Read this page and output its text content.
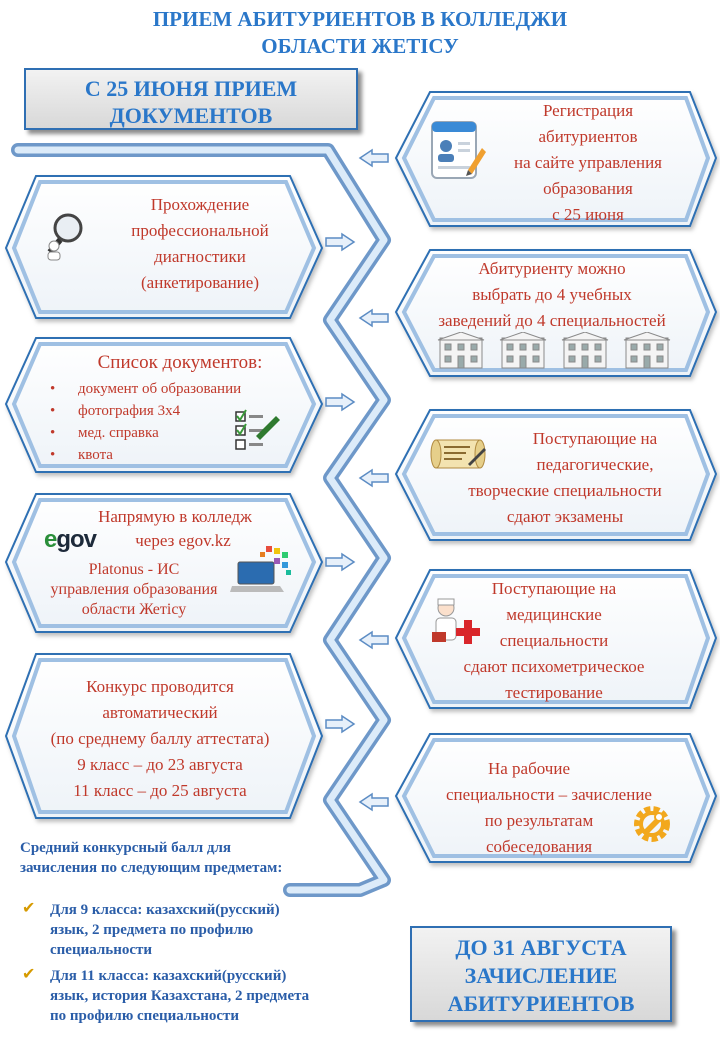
ПРИЕМ АБИТУРИЕНТОВ В КОЛЛЕДЖИ
ОБЛАСТИ ЖЕТІСУ
С 25 ИЮНЯ ПРИЕМ
ДОКУМЕНТОВ
ДО 31 АВГУСТА
ЗАЧИСЛЕНИЕ
АБИТУРИЕНТОВ
Регистрация
абитуриентов
на сайте управления
образования
с 25 июня
Абитуриенту можно
выбрать до 4 учебных
заведений до 4 специальностей
Поступающие на
педагогические,
творческие специальности
сдают экзамены
Поступающие на
медицинские
специальности
сдают психометрическое
тестирование
На рабочие
специальности – зачисление
по результатам
собеседования
Прохождение
профессиональной
диагностики
(анкетирование)
Список документов:
• документ об образовании
• фотография 3x4
• мед. справка
• квота
egov
Напрямую в колледж
через egov.kz
Platonus - ИС
управления образования
области Жетісу
Конкурс проводится
автоматический
(по среднему баллу аттестата)
9 класс – до 23 августа
11 класс – до 25 августа
Средний конкурсный балл для
зачисления по следующим предметам:
✔ Для 9 класса: казахский(русский)
язык, 2 предмета по профилю
специальности
✔ Для 11 класса: казахский(русский)
язык, история Казахстана, 2 предмета
по профилю специальности
